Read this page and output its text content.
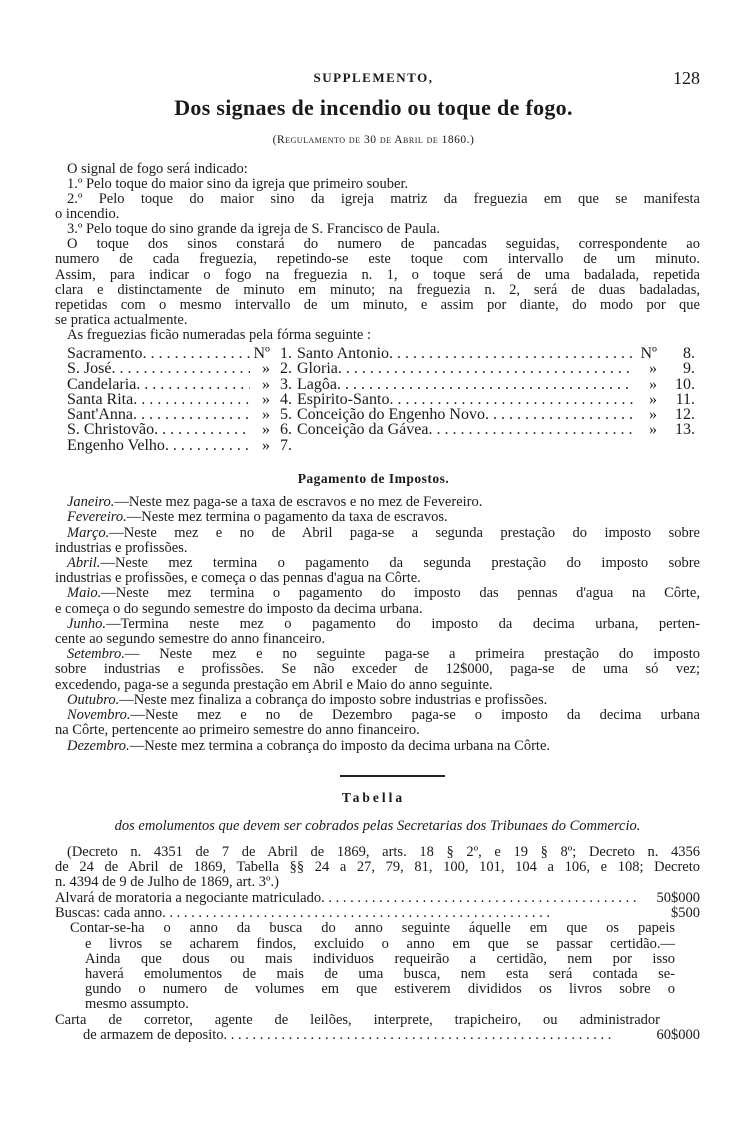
SUPPLEMENTO,	128
Dos signaes de incendio ou toque de fogo.
(Regulamento de 30 de Abril de 1860.)
O signal de fogo será indicado:
1.º Pelo toque do maior sino da igreja que primeiro souber.
2.º Pelo toque do maior sino da igreja matriz da freguezia em que se manifesta
o incendio.
3.º Pelo toque do sino grande da igreja de S. Francisco de Paula.
O toque dos sinos constará do numero de pancadas seguidas, correspondente ao
numero de cada freguezia, repetindo-se este toque com intervallo de um minuto.
Assim, para indicar o fogo na freguezia n. 1, o toque será de uma badalada, repetida
clara e distinctamente de minuto em minuto; na freguezia n. 2, será de duas badaladas,
repetidas com o mesmo intervallo de um minuto, e assim por diante, do modo por que
se pratica actualmente.
As freguezias ficão numeradas pela fórma seguinte :
Sacramento . . .	Nº 1.
S. José . . .	» 2.
Candelaria . . .	» 3.
Santa Rita . . .	» 4.
Sant'Anna . . .	» 5.
S. Christovão . . .	» 6.
Engenho Velho . . .	» 7.
Santo Antonio . . .	Nº	8.
Gloria . . .	»	9.
Lagôa . . .	»	10.
Espirito-Santo . . .	»	11.
Conceição do Engenho Novo . . .	»	12.
Conceição da Gávea . . .	»	13.
Pagamento de Impostos.
Janeiro.—Neste mez paga-se a taxa de escravos e no mez de Fevereiro.
Fevereiro.—Neste mez termina o pagamento da taxa de escravos.
Março.—Neste mez e no de Abril paga-se a segunda prestação do imposto sobre
industrias e profissões.
Abril.—Neste mez termina o pagamento da segunda prestação do imposto sobre
industrias e profissões, e começa o das pennas d'agua na Côrte.
Maio.—Neste mez termina o pagamento do imposto das pennas d'agua na Côrte,
e começa o do segundo semestre do imposto da decima urbana.
Junho.—Termina neste mez o pagamento do imposto da decima urbana, perten-
cente ao segundo semestre do anno financeiro.
Setembro.— Neste mez e no seguinte paga-se a primeira prestação do imposto
sobre industrias e profissões. Se não exceder de 12$000, paga-se de uma só vez;
excedendo, paga-se a segunda prestação em Abril e Maio do anno seguinte.
Outubro.—Neste mez finaliza a cobrança do imposto sobre industrias e profissões.
Novembro.—Neste mez e no de Dezembro paga-se o imposto da decima urbana
na Côrte, pertencente ao primeiro semestre do anno financeiro.
Dezembro.—Neste mez termina a cobrança do imposto da decima urbana na Côrte.
Tabella
dos emolumentos que devem ser cobrados pelas Secretarias dos Tribunaes do Commercio.
(Decreto n. 4351 de 7 de Abril de 1869, arts. 18 § 2º, e 19 § 8º; Decreto n. 4356
de 24 de Abril de 1869, Tabella §§ 24 a 27, 79, 81, 100, 101, 104 a 106, e 108; Decreto
n. 4394 de 9 de Julho de 1869, art. 3º.)
Alvará de moratoria a negociante matriculado . . .	50$000
Buscas: cada anno . . .	$500
Contar-se-ha o anno da busca do anno seguinte áquelle em que os papeis
e livros se acharem findos, excluido o anno em que se passar certidão.—
Ainda que dous ou mais individuos requeirão a certidão, nem por isso
haverá emolumentos de mais de uma busca, nem esta será contada se-
gundo o numero de volumes em que estiverem divididos os livros sobre o
mesmo assumpto.
Carta de corretor, agente de leilões, interprete, trapicheiro, ou administrador
de armazem de deposito . . .	60$000
